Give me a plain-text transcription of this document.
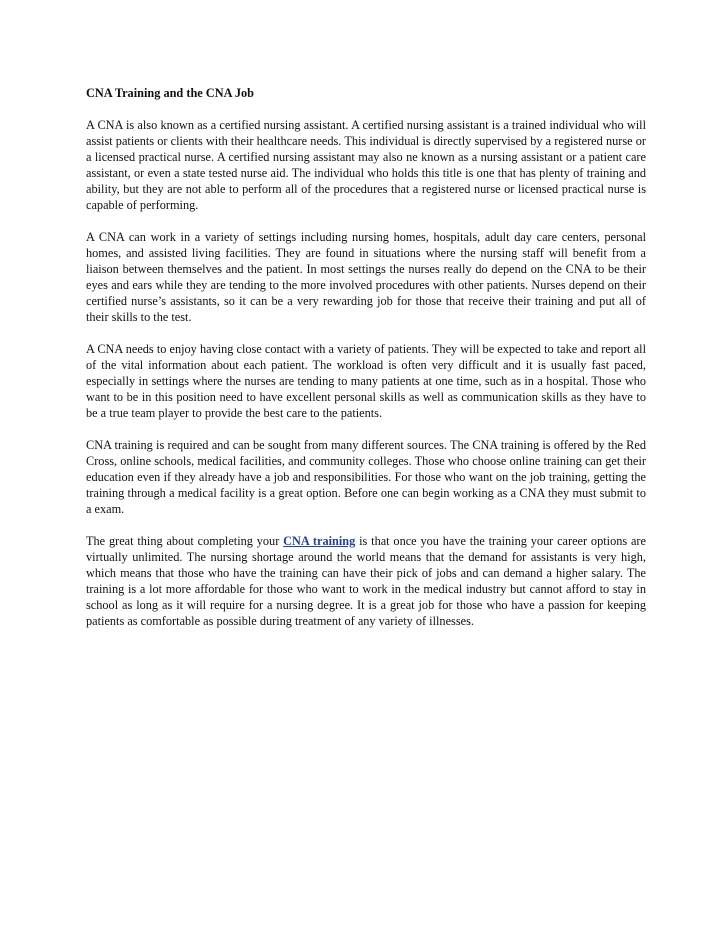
CNA Training and the CNA Job

A CNA is also known as a certified nursing assistant. A certified nursing assistant is a trained individual who will assist patients or clients with their healthcare needs. This individual is directly supervised by a registered nurse or a licensed practical nurse. A certified nursing assistant may also ne known as a nursing assistant or a patient care assistant, or even a state tested nurse aid. The individual who holds this title is one that has plenty of training and ability, but they are not able to perform all of the procedures that a registered nurse or licensed practical nurse is capable of performing.

A CNA can work in a variety of settings including nursing homes, hospitals, adult day care centers, personal homes, and assisted living facilities. They are found in situations where the nursing staff will benefit from a liaison between themselves and the patient. In most settings the nurses really do depend on the CNA to be their eyes and ears while they are tending to the more involved procedures with other patients. Nurses depend on their certified nurse’s assistants, so it can be a very rewarding job for those that receive their training and put all of their skills to the test.

A CNA needs to enjoy having close contact with a variety of patients. They will be expected to take and report all of the vital information about each patient. The workload is often very difficult and it is usually fast paced, especially in settings where the nurses are tending to many patients at one time, such as in a hospital. Those who want to be in this position need to have excellent personal skills as well as communication skills as they have to be a true team player to provide the best care to the patients.

CNA training is required and can be sought from many different sources. The CNA training is offered by the Red Cross, online schools, medical facilities, and community colleges. Those who choose online training can get their education even if they already have a job and responsibilities. For those who want on the job training, getting the training through a medical facility is a great option. Before one can begin working as a CNA they must submit to a exam.

The great thing about completing your CNA training is that once you have the training your career options are virtually unlimited. The nursing shortage around the world means that the demand for assistants is very high, which means that those who have the training can have their pick of jobs and can demand a higher salary. The training is a lot more affordable for those who want to work in the medical industry but cannot afford to stay in school as long as it will require for a nursing degree. It is a great job for those who have a passion for keeping patients as comfortable as possible during treatment of any variety of illnesses.
